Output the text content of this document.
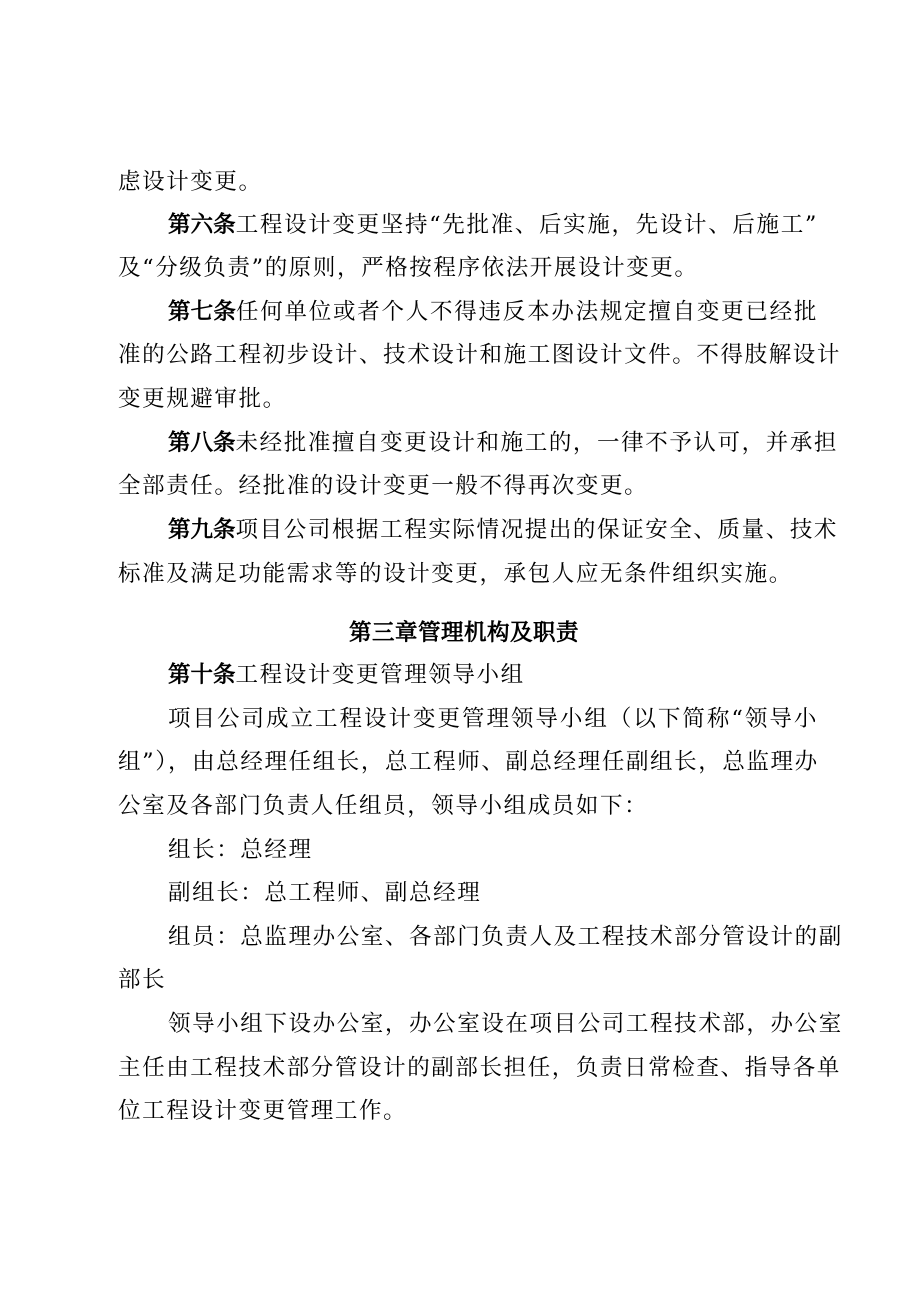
虑设计变更。
第六条工程设计变更坚持“先批准、后实施，先设计、后施工”
及“分级负责”的原则，严格按程序依法开展设计变更。
第七条任何单位或者个人不得违反本办法规定擅自变更已经批
准的公路工程初步设计、技术设计和施工图设计文件。不得肢解设计
变更规避审批。
第八条未经批准擅自变更设计和施工的，一律不予认可，并承担
全部责任。经批准的设计变更一般不得再次变更。
第九条项目公司根据工程实际情况提出的保证安全、质量、技术
标准及满足功能需求等的设计变更，承包人应无条件组织实施。
第三章管理机构及职责
第十条工程设计变更管理领导小组
项目公司成立工程设计变更管理领导小组（以下简称“领导小
组”），由总经理任组长，总工程师、副总经理任副组长，总监理办
公室及各部门负责人任组员，领导小组成员如下：
组长：总经理
副组长：总工程师、副总经理
组员：总监理办公室、各部门负责人及工程技术部分管设计的副
部长
领导小组下设办公室，办公室设在项目公司工程技术部，办公室
主任由工程技术部分管设计的副部长担任，负责日常检查、指导各单
位工程设计变更管理工作。
